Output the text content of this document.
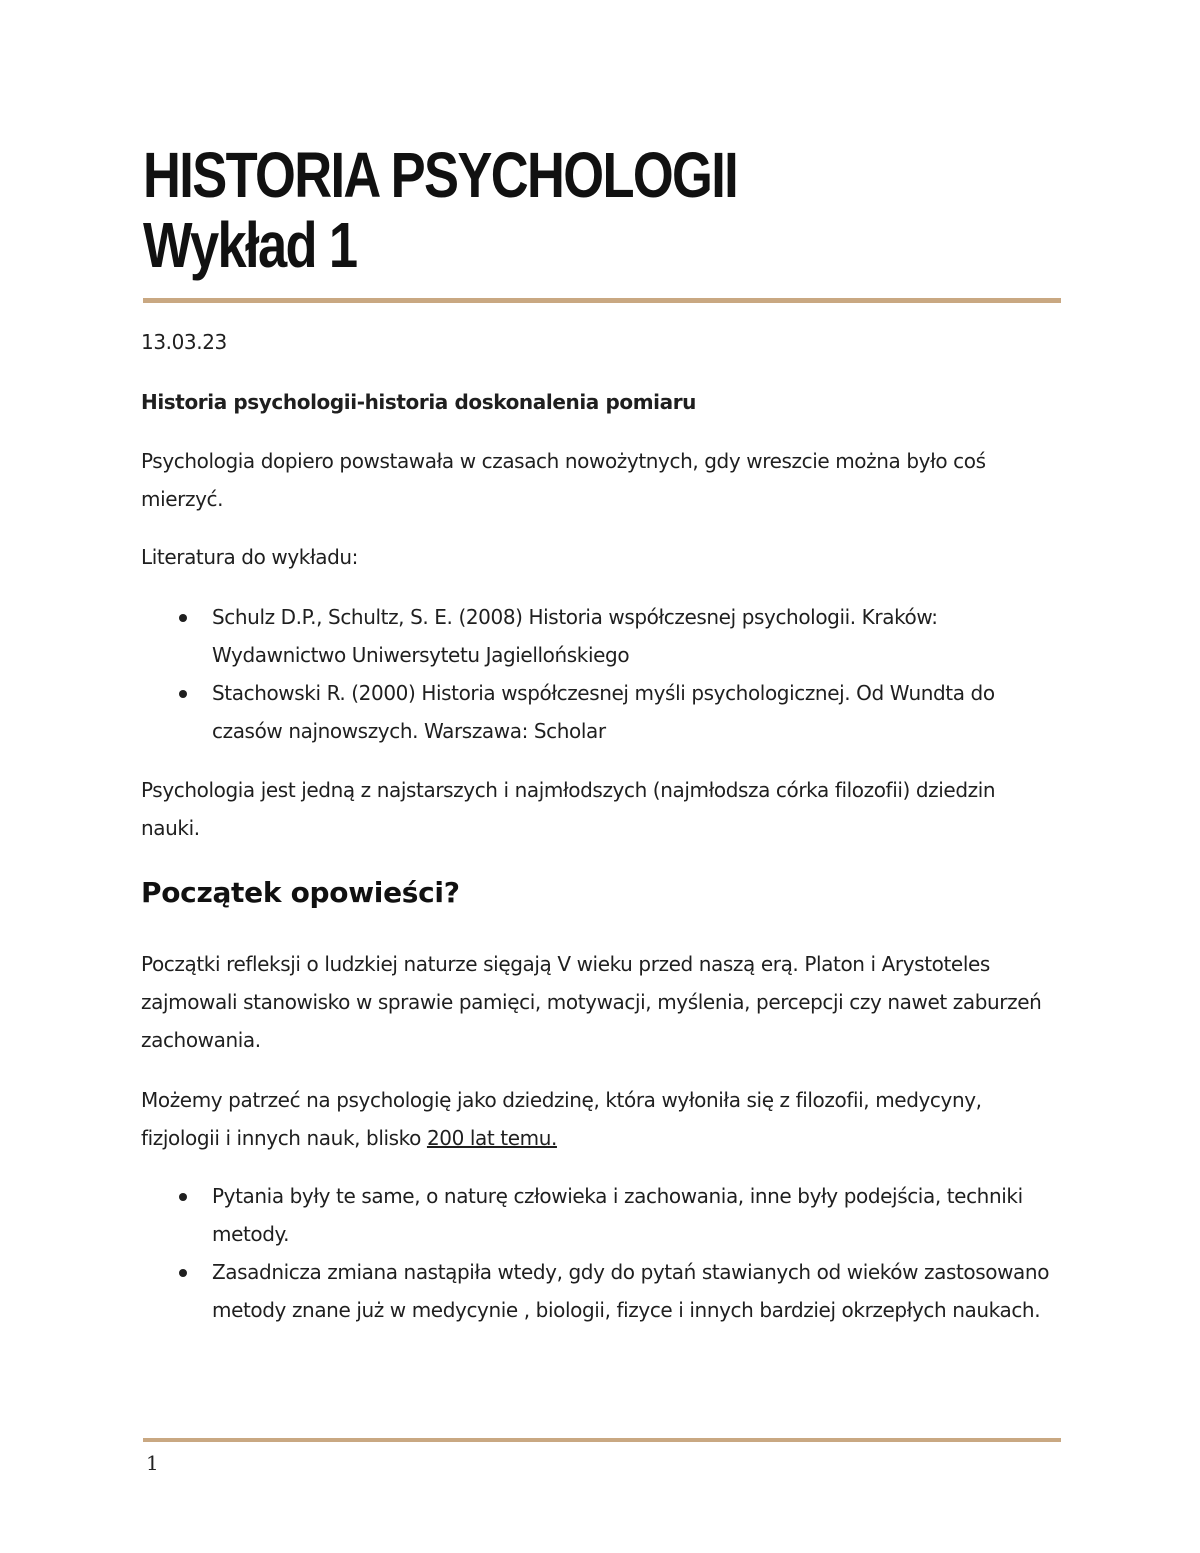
HISTORIA PSYCHOLOGII
Wykład 1
13.03.23
Historia psychologii-historia doskonalenia pomiaru
Psychologia dopiero powstawała w czasach nowożytnych, gdy wreszcie można było coś mierzyć.
Literatura do wykładu:
Schulz D.P., Schultz, S. E. (2008) Historia współczesnej psychologii. Kraków: Wydawnictwo Uniwersytetu Jagiellońskiego
Stachowski R. (2000) Historia współczesnej myśli psychologicznej. Od Wundta do czasów najnowszych. Warszawa: Scholar
Psychologia jest jedną z najstarszych i najmłodszych (najmłodsza córka filozofii) dziedzin nauki.
Początek opowieści?
Początki refleksji o ludzkiej naturze sięgają V wieku przed naszą erą. Platon i Arystoteles zajmowali stanowisko w sprawie pamięci, motywacji, myślenia, percepcji czy nawet zaburzeń zachowania.
Możemy patrzeć na psychologię jako dziedzinę, która wyłoniła się z filozofii, medycyny, fizjologii i innych nauk, blisko 200 lat temu.
Pytania były te same, o naturę człowieka i zachowania, inne były podejścia, techniki metody.
Zasadnicza zmiana nastąpiła wtedy, gdy do pytań stawianych od wieków zastosowano metody znane już w medycynie , biologii, fizyce i innych bardziej okrzepłych naukach.
1
